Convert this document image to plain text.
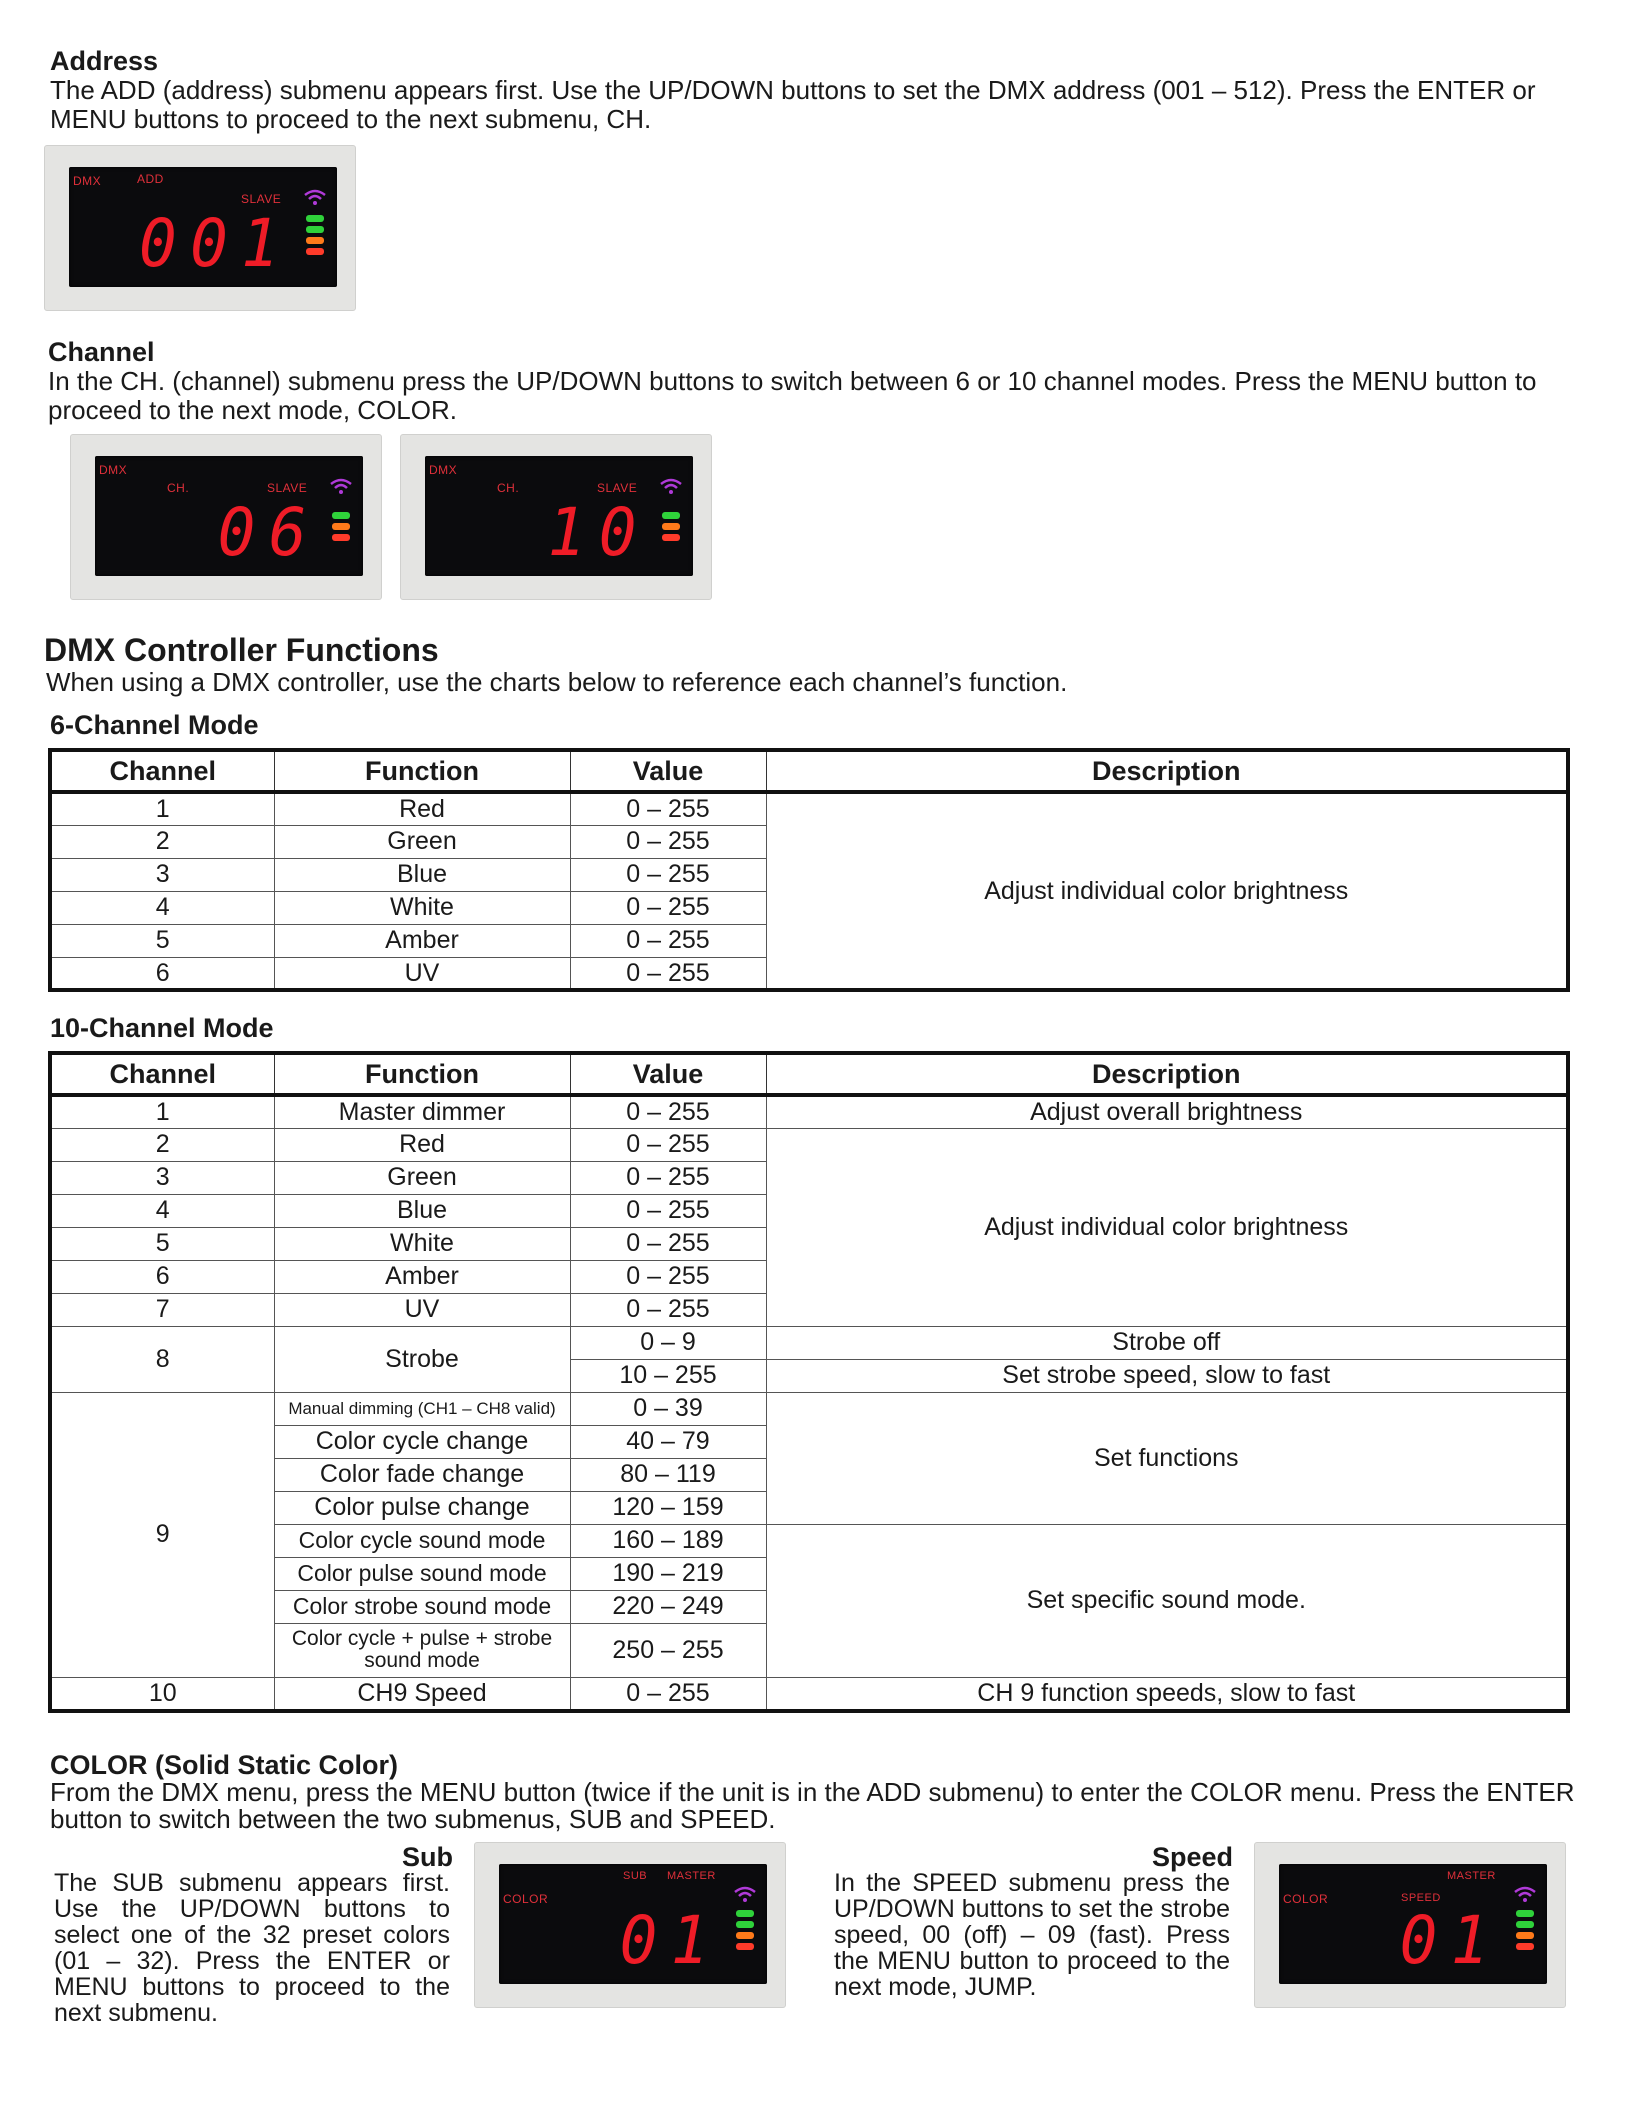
Address
The ADD (address) submenu appears first. Use the UP/DOWN buttons to set the DMX address (001 – 512). Press the ENTER or MENU buttons to proceed to the next submenu, CH.
DMX	ADD
SLAVE
001
Channel
In the CH. (channel) submenu press the UP/DOWN buttons to switch between 6 or 10 channel modes. Press the MENU button to proceed to the next mode, COLOR.
DMX
CH.	SLAVE
06
DMX
CH.	SLAVE
10
DMX Controller Functions
When using a DMX controller, use the charts below to reference each channel’s function.
6-Channel Mode
Channel	Function	Value	Description
1	Red	0 – 255	Adjust individual color brightness
2	Green	0 – 255	
3	Blue	0 – 255	
4	White	0 – 255	
5	Amber	0 – 255	
6	UV	0 – 255	
10-Channel Mode
Channel	Function	Value	Description
1	Master dimmer	0 – 255	Adjust overall brightness
2	Red	0 – 255	Adjust individual color brightness
3	Green	0 – 255	
4	Blue	0 – 255	
5	White	0 – 255	
6	Amber	0 – 255	
7	UV	0 – 255	
8	Strobe	0 – 9	Strobe off
		10 – 255	Set strobe speed, slow to fast
9	Manual dimming (CH1 – CH8 valid)	0 – 39	Set functions
	Color cycle change	40 – 79	
	Color fade change	80 – 119	
	Color pulse change	120 – 159	
	Color cycle sound mode	160 – 189	Set specific sound mode.
	Color pulse sound mode	190 – 219	
	Color strobe sound mode	220 – 249	
	Color cycle + pulse + strobe sound mode	250 – 255	
10	CH9 Speed	0 – 255	CH 9 function speeds, slow to fast
COLOR (Solid Static Color)
From the DMX menu, press the MENU button (twice if the unit is in the ADD submenu) to enter the COLOR menu. Press the ENTER button to switch between the two submenus, SUB and SPEED.
Sub
The SUB submenu appears first. Use the UP/DOWN buttons to select one of the 32 preset colors (01 – 32). Press the ENTER or MENU buttons to proceed to the next submenu.
COLOR
SUB MASTER
01
Speed
In the SPEED submenu press the UP/DOWN buttons to set the strobe speed, 00 (off) – 09 (fast). Press the MENU button to proceed to the next mode, JUMP.
COLOR	SPEED
MASTER
01
